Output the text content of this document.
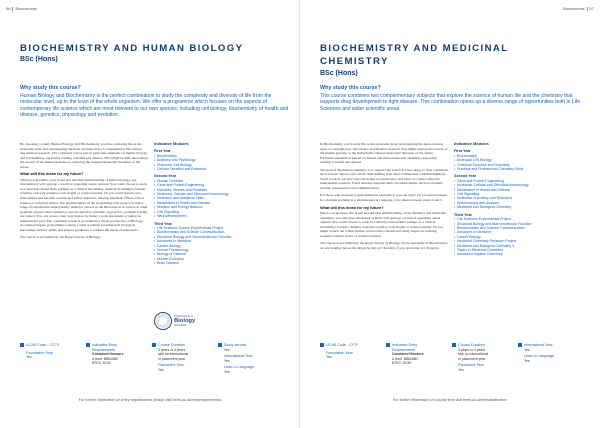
56 Biosciences
BIOCHEMISTRY AND HUMAN BIOLOGY
BSc (Hons)
Why study this course?
Human Biology and Biochemistry is the perfect combination to study the complexity and diversity of life from the molecular level, up to the level of the whole organism. We offer a programme which focuses on the aspects of contemporary life science which are most relevant to our own species; including cell biology, biochemistry of health and disease, genetics, physiology and evolution.

By choosing to study Human Biology and Biochemistry you'll be exploring life at the molecular level and investigating the most exciting areas of contemporary life science and medical research. The combined course places particular emphasis on human biology and biochemistry, especially relating to health and disease. This might include unravelling the secrets of the human genome or exploring the targeted molecular therapies of the future.

What will this mean for my future?

When you graduate, your broad and detailed understanding of human biology and biochemistry will open up a world of appealing career options. You could choose to work in a diversity related field, perhaps as a clinical biochemist, medical biochemist, forensic scientist, research scientist, toxicologist or science teacher. Or you could branch out a little further and become a health and safety inspector, nursing standards officer, school science or technical author. The applied nature of the programme will equip you with a range of transferable employability skills for careers in the Biosciences as well as in other graduate careers where numeracy and an objective scientific approach to problem solving are valued. You can create a four year degree by doing a work placement or taking an international year. The combined course is accredited by the Royal Society of Biology. Accredited degree programmes contain a solid academic foundation in biological knowledge and key skills, and prepare graduates to address the needs of employers.

The course is accredited by the Royal Society of Biology.

Indicative Modules
First Year
• Biochemistry
• Anatomy and Physiology
• Molecular Cell Biology
• Cellular Genetics and Evolution
Second Year
• Human Genetics
• Gene and Protein Engineering
• Microbes, Viruses and Parasites
• Molecular, Cellular and Structural Immunology
• Research and Analytical Skills
• Metabolism in Health and Disease
• Nutrition and Energy Balance
• Cell Signalling
• Neurodevelopment
Third Year
• Life Sciences Double Experimental Project
• Bioinformatics and Science Communication
• Structural Biology and Macromolecular Function
• Advances in Medicine
• Cancer Biology
• Human Parasitology
• Biology of Disease
• Human Evolution
• Brain Disease
Royal Society of
Biology
Accredited
UCAS Code - CC7C
Foundation Year
Yes
Indicative Entry Requirements
Combined Honours
A level: BBB/ABC
BTEC: DDM
Course Duration
3 years or 4 years
with an international
or placement year
Placement Year
Yes
Study abroad
Yes
International Year
Yes
Learn a Language
Yes
For further information on entry requirements please visit herts.ac.uk/entryrequirements
Biosciences 57
BIOCHEMISTRY AND MEDICINAL CHEMISTRY
BSc (Hons)
Why study this course?
This course combines two complementary subjects that explore the science of human life and the chemistry that supports drug development to fight disease. This combination opens up a diverse range of opportunities both in Life Sciences and wider scientific areas.

In Biochemistry you'll study life at the molecular level, investigating the most exciting areas of contemporary life science and medical research. You might explore the secrets of the human genome or the individually tailored molecular therapies of the future. Particular emphasis is placed on human and macromolecular chemistry, especially relating to health and disease.

The goal of Medicinal Chemistry is to support the search for new drugs to treat conditions such as heart disease and cancer, then making it an ideal combination with Biochemistry. You'll work in our new Life and Science Laboratories, and learn to conduct effective independent research. You'll develop essential skills for employment, such as problem-solving, presentation and communication.

For those who are keen to gain industrial experience, you can apply for a work placement for example working in a pharmaceutical company, to be taken between years 2 and 3.

What will this mean for my future?

When you graduate, the broad and detailed understanding of biochemistry and medicinal chemistry, you will have developed at Herts will open up a world of appealing career options. You could choose to work in a directly related field, perhaps as a clinical biochemist, forensic chemist, research scientist, toxicologist or science teacher. Or you might branch out a little further and become a health and safety inspector, training scientist, science writer or technical author.

The course is accredited by the Royal Society of Biology. If you specialise in Biochemistry we are looking into as the Royal Society of Chemistry if you specialise in Chemistry.

Indicative Modules
First Year
• Biochemistry
• Molecular Cell Biology
• Chemical Structure and Reactivity
• Practical and Professional Chemistry Skills
Second Year
• Gene and Protein Engineering
• Molecular, Cellular and Structural Immunology
• Metabolism in Health and Disease
• Cell Signalling
• Molecular Chemistry and Reactions
• Spectroscopy and Analysis
• Medicinal and Biological Chemistry
Third Year
• Life Sciences Experimental Project
• Structural Biology and Macromolecular Function
• Bioinformatics and Science Communication
• Advances in Medicine
• Cancer Biology
• Medicinal Chemistry Research Project
• Medicinal and Biological Chemistry II
• Topics in Medicinal Chemistry
• Advanced Organic Chemistry
UCAS Code - CF7F
Foundation Year
Yes
Indicative Entry Requirements
Combined Honours
A level: BBB/ABC
BTEC: DDM
Course Duration
3 years or 4 years
with an international
or placement year
Placement Year
Yes
International Year
Yes
Learn a Language
Yes
For further information on course fees visit herts.ac.uk/feesandfinance
